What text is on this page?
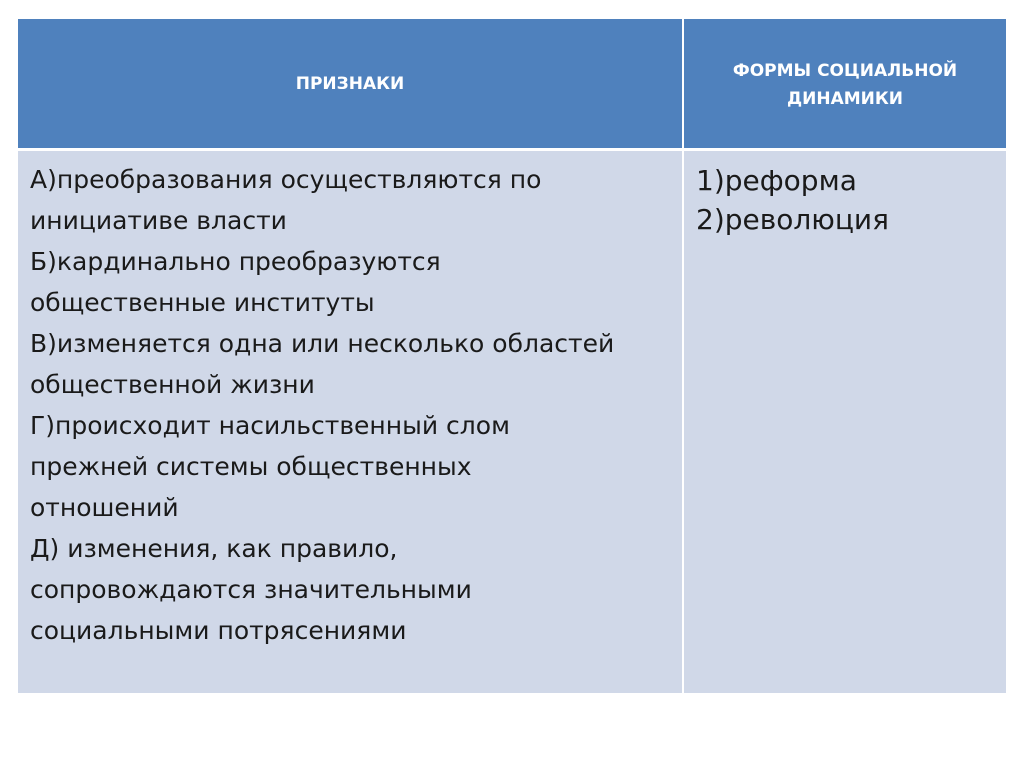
ПРИЗНАКИ
ФОРМЫ СОЦИАЛЬНОЙ
ДИНАМИКИ
А)преобразования осуществляются по
инициативе власти
Б)кардинально преобразуются
общественные институты
В)изменяется одна или несколько областей
общественной жизни
Г)происходит насильственный слом
прежней системы общественных
отношений
Д) изменения, как правило,
сопровождаются значительными
социальными потрясениями
1)реформа
2)революция
